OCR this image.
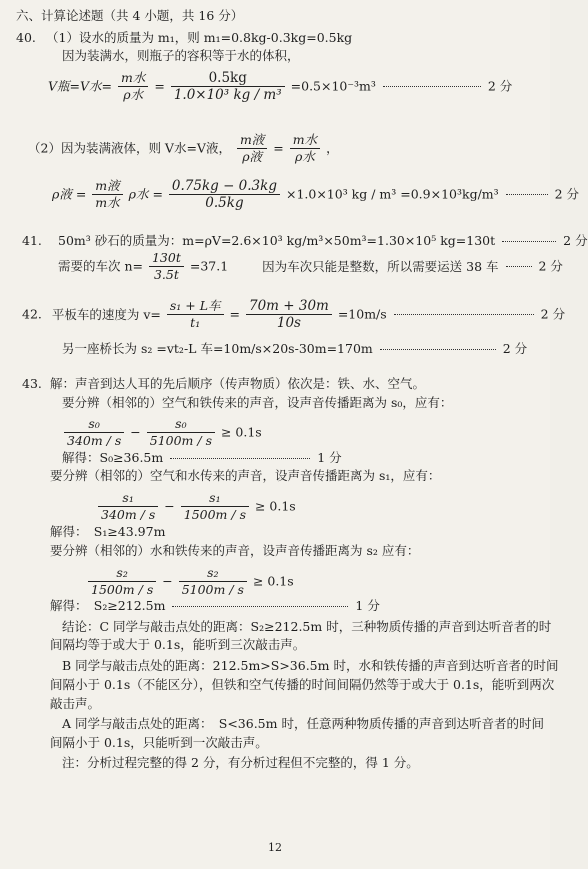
六、计算论述题（共 4 小题，共 16 分）
40. （1）设水的质量为 m₁，则 m₁=0.8kg-0.3kg=0.5kg
因为装满水，则瓶子的容积等于水的体积，
V瓶=V水= $\frac{\text{m水}}{\text{ρ水}} = \frac{0.5kg}{\text{1.0×10³ kg / m³}} =0.5\times 10^{-3}m^3$	2 分
（2）因为装满液体，则 V水=V液， $\frac{\text{m液}}{\text{ρ液}} = \frac{\text{m水}}{\text{ρ水}}$ ，
ρ液 = $\frac{\text{m液}}{\text{m水}}$ ρ水 = $\frac{0.75kg - 0.3kg}{0.5kg} \times 1.0\times 10^3$ kg / m³ =0.9×10³kg/m³	2 分
41. 50m³ 砂石的质量为：m=ρV=2.6×10³ kg/m³×50m³=1.30×10⁵ kg=130t	2 分
需要的车次 $n= \frac{130t}{3.5t} =37.1$	因为车次只能是整数，所以需要运送 38 车	2 分
42. 平板车的速度为 $v= \frac{\text{s₁ + L车}}{\text{t₁}} = \frac{70m + 30m}{10s} =10m/s$	2 分
另一座桥长为 s₂ =vt₂-L 车=10m/s×20s-30m=170m	2 分
43. 解：声音到达人耳的先后顺序（传声物质）依次是：铁、水、空气。
要分辨（相邻的）空气和铁传来的声音，设声音传播距离为 s₀，应有：
$\frac{\text{s₀}}{340m / s} - \frac{\text{s₀}}{5100m / s} \ge 0.1s$
解得：S₀≥36.5m	1 分
要分辨（相邻的）空气和水传来的声音，设声音传播距离为 s₁，应有：
$\frac{\text{s₁}}{340m / s} - \frac{\text{s₁}}{1500m / s} \ge 0.1s$
解得：　S₁≥43.97m
要分辨（相邻的）水和铁传来的声音，设声音传播距离为 s₂ 应有：
$\frac{\text{s₂}}{1500m / s} - \frac{\text{s₂}}{5100m / s} \ge 0.1s$
解得：　S₂≥212.5m	1 分
结论：C 同学与敲击点处的距离：S₂≥212.5m 时，三种物质传播的声音到达听音者的时
间隔均等于或大于 0.1s，能听到三次敲击声。
B 同学与敲击点处的距离：212.5m>S>36.5m 时，水和铁传播的声音到达听音者的时间
间隔小于 0.1s（不能区分），但铁和空气传播的时间间隔仍然等于或大于 0.1s，能听到两次
敲击声。
A 同学与敲击点处的距离：　S<36.5m 时，任意两种物质传播的声音到达听音者的时间
间隔小于 0.1s，只能听到一次敲击声。
注：分析过程完整的得 2 分，有分析过程但不完整的，得 1 分。
12
